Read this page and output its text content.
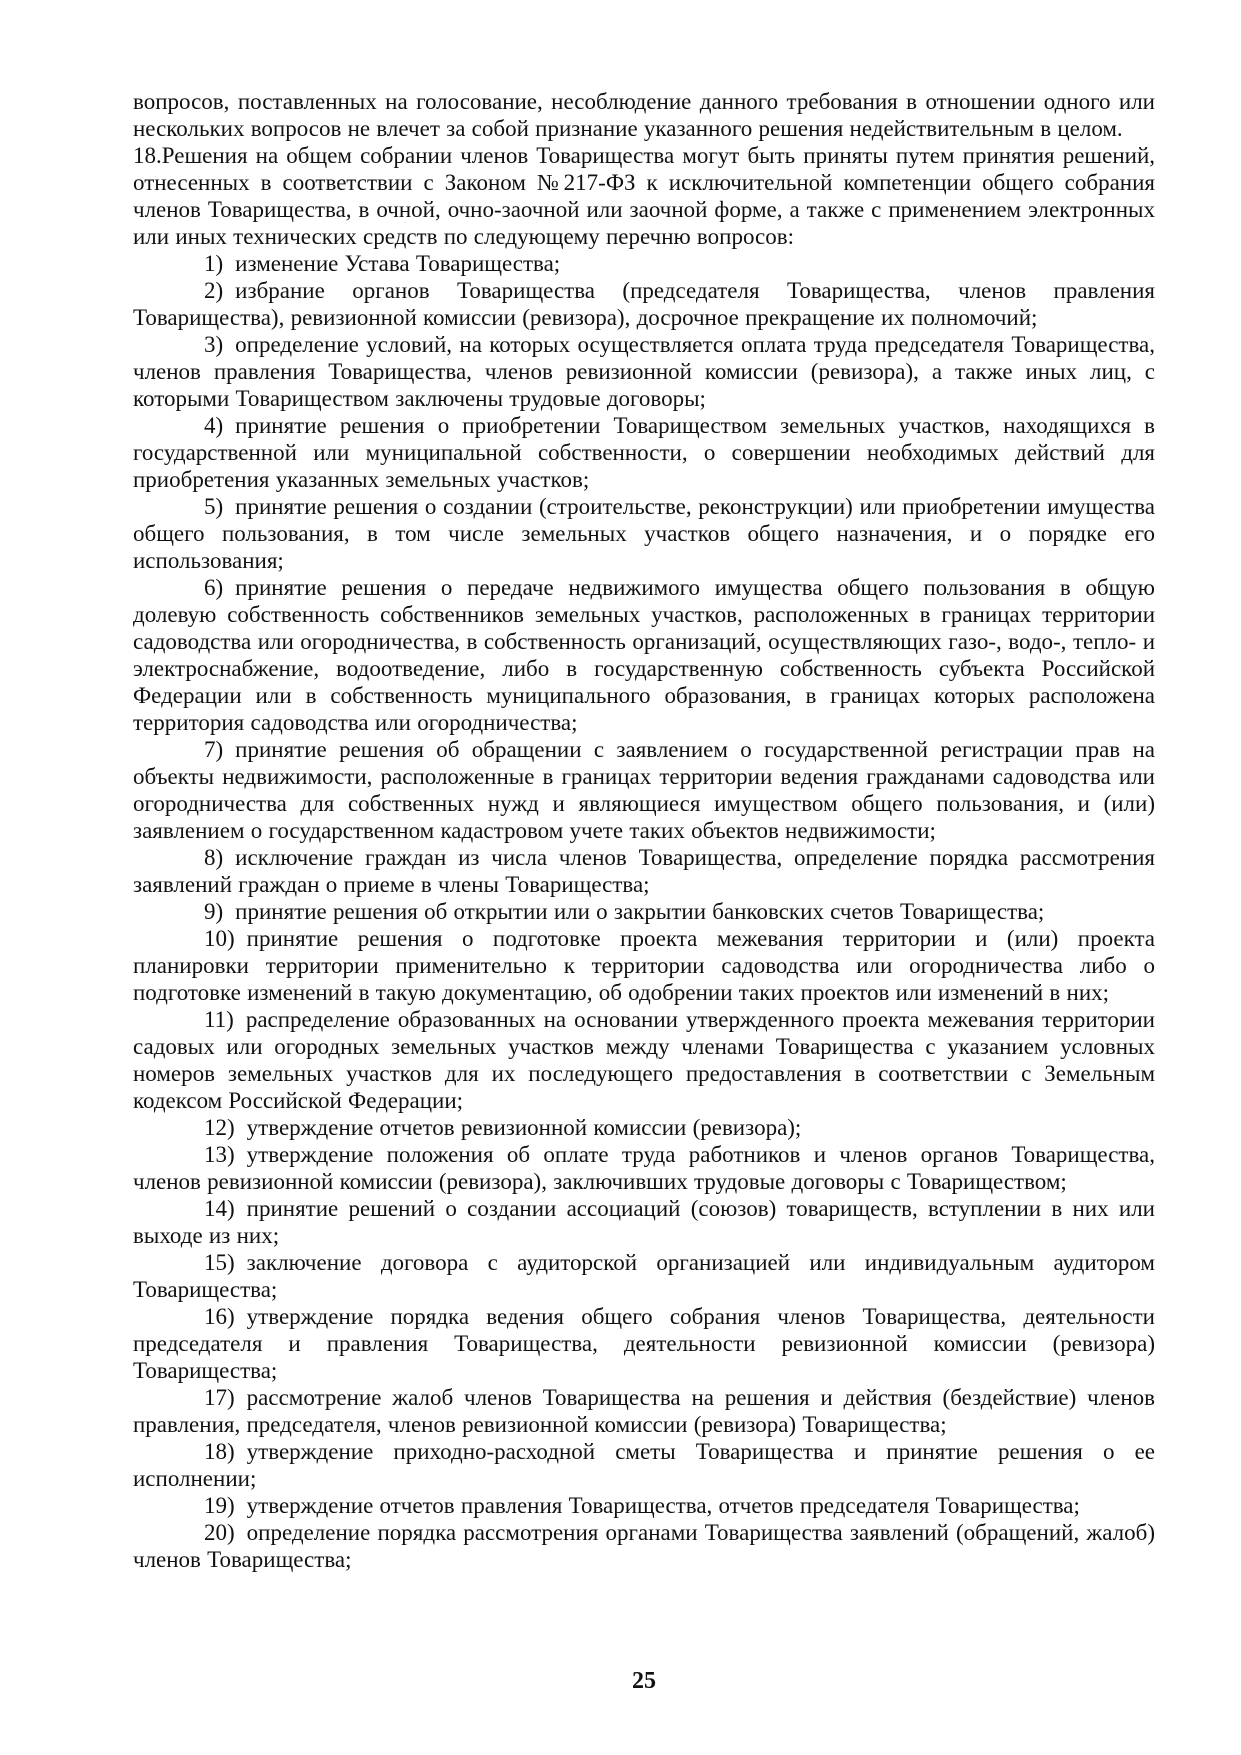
вопросов, поставленных на голосование, несоблюдение данного требования в отношении одного или нескольких вопросов не влечет за собой признание указанного решения недействительным в целом.

18.Решения на общем собрании членов Товарищества могут быть приняты путем принятия решений, отнесенных в соответствии с Законом №217-ФЗ к исключительной компетенции общего собрания членов Товарищества, в очной, очно-заочной или заочной форме, а также с применением электронных или иных технических средств по следующему перечню вопросов:

1) изменение Устава Товарищества;

2) избрание органов Товарищества (председателя Товарищества, членов правления Товарищества), ревизионной комиссии (ревизора), досрочное прекращение их полномочий;

3) определение условий, на которых осуществляется оплата труда председателя Товарищества, членов правления Товарищества, членов ревизионной комиссии (ревизора), а также иных лиц, с которыми Товариществом заключены трудовые договоры;

4) принятие решения о приобретении Товариществом земельных участков, находящихся в государственной или муниципальной собственности, о совершении необходимых действий для приобретения указанных земельных участков;

5) принятие решения о создании (строительстве, реконструкции) или приобретении имущества общего пользования, в том числе земельных участков общего назначения, и о порядке его использования;

6) принятие решения о передаче недвижимого имущества общего пользования в общую долевую собственность собственников земельных участков, расположенных в границах территории садоводства или огородничества, в собственность организаций, осуществляющих газо-, водо-, тепло- и электроснабжение, водоотведение, либо в государственную собственность субъекта Российской Федерации или в собственность муниципального образования, в границах которых расположена территория садоводства или огородничества;

7) принятие решения об обращении с заявлением о государственной регистрации прав на объекты недвижимости, расположенные в границах территории ведения гражданами садоводства или огородничества для собственных нужд и являющиеся имуществом общего пользования, и (или) заявлением о государственном кадастровом учете таких объектов недвижимости;

8) исключение граждан из числа членов Товарищества, определение порядка рассмотрения заявлений граждан о приеме в члены Товарищества;

9) принятие решения об открытии или о закрытии банковских счетов Товарищества;

10) принятие решения о подготовке проекта межевания территории и (или) проекта планировки территории применительно к территории садоводства или огородничества либо о подготовке изменений в такую документацию, об одобрении таких проектов или изменений в них;

11) распределение образованных на основании утвержденного проекта межевания территории садовых или огородных земельных участков между членами Товарищества с указанием условных номеров земельных участков для их последующего предоставления в соответствии с Земельным кодексом Российской Федерации;

12) утверждение отчетов ревизионной комиссии (ревизора);

13) утверждение положения об оплате труда работников и членов органов Товарищества, членов ревизионной комиссии (ревизора), заключивших трудовые договоры с Товариществом;

14) принятие решений о создании ассоциаций (союзов) товариществ, вступлении в них или выходе из них;

15) заключение договора с аудиторской организацией или индивидуальным аудитором Товарищества;

16) утверждение порядка ведения общего собрания членов Товарищества, деятельности председателя и правления Товарищества, деятельности ревизионной комиссии (ревизора) Товарищества;

17) рассмотрение жалоб членов Товарищества на решения и действия (бездействие) членов правления, председателя, членов ревизионной комиссии (ревизора) Товарищества;

18) утверждение приходно-расходной сметы Товарищества и принятие решения о ее исполнении;

19) утверждение отчетов правления Товарищества, отчетов председателя Товарищества;

20) определение порядка рассмотрения органами Товарищества заявлений (обращений, жалоб) членов Товарищества;

25
